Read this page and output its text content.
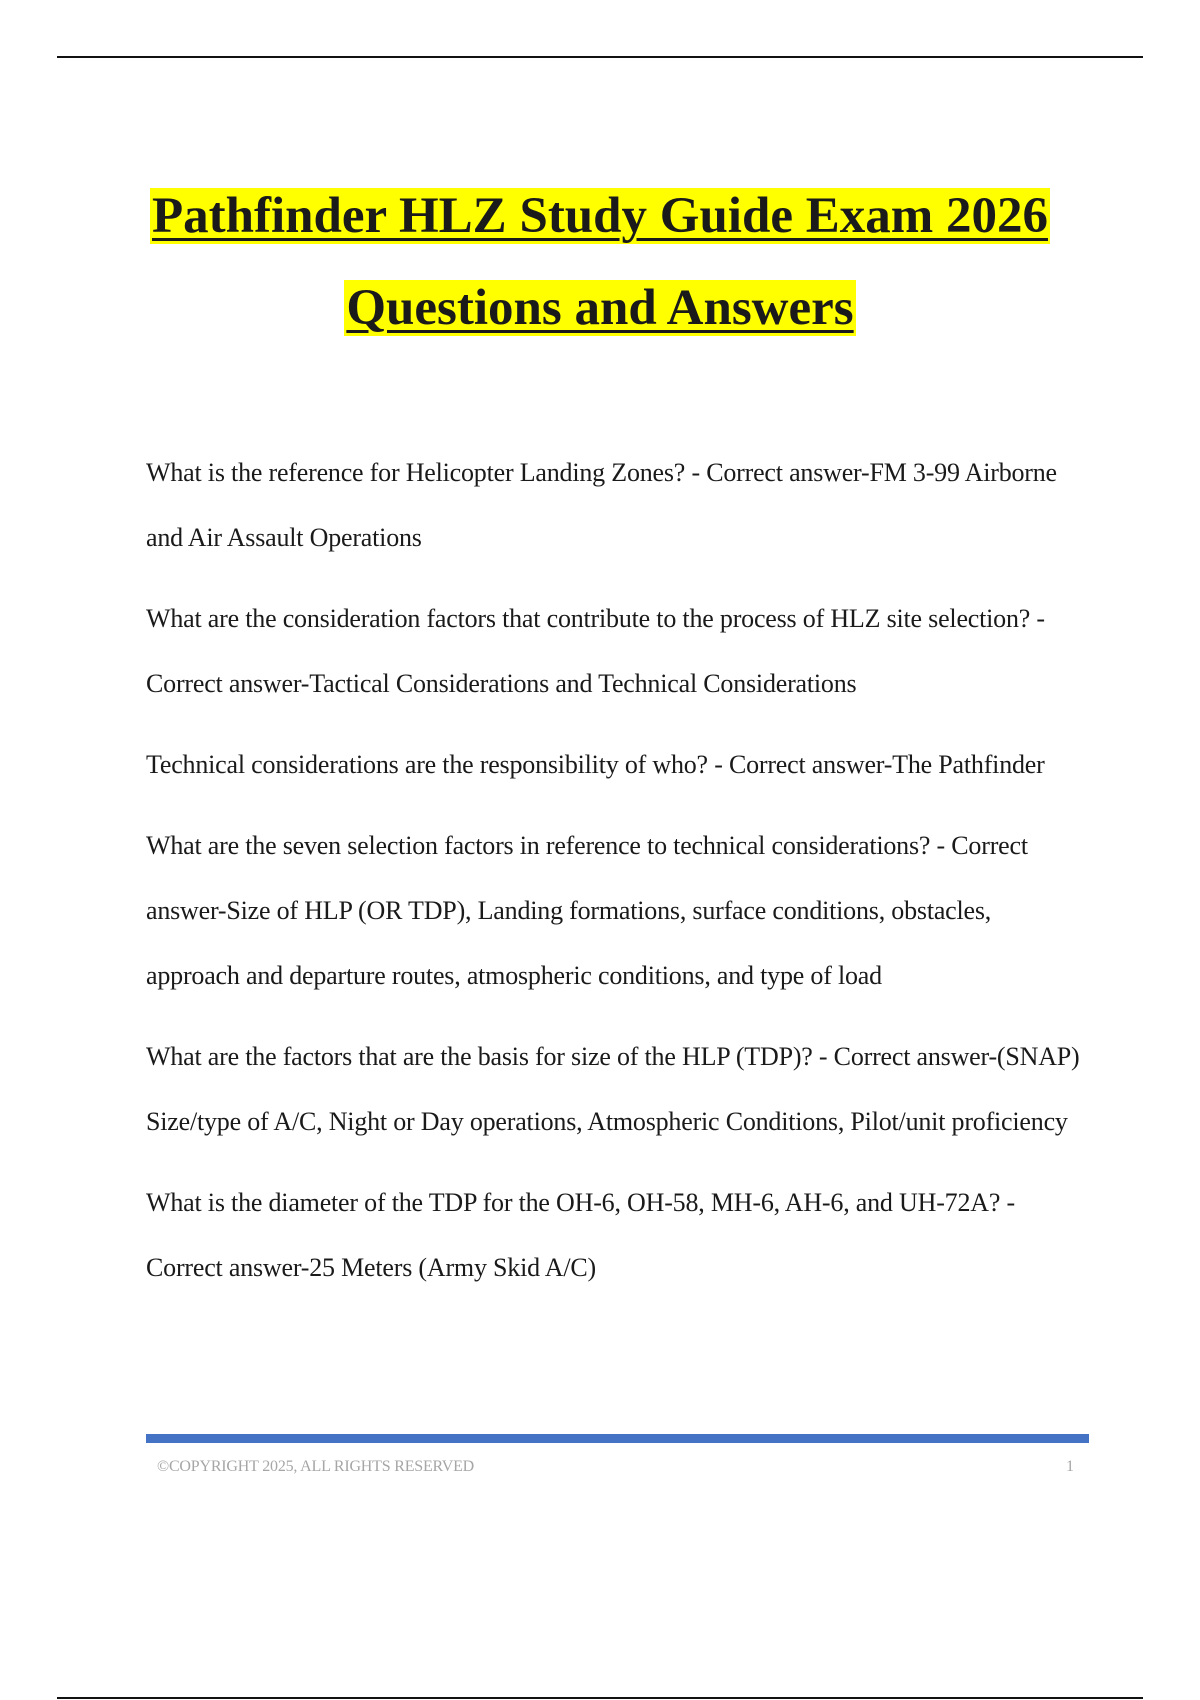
Pathfinder HLZ Study Guide Exam 2026
Questions and Answers

What is the reference for Helicopter Landing Zones? - Correct answer-FM 3-99 Airborne and Air Assault Operations

What are the consideration factors that contribute to the process of HLZ site selection? - Correct answer-Tactical Considerations and Technical Considerations

Technical considerations are the responsibility of who? - Correct answer-The Pathfinder

What are the seven selection factors in reference to technical considerations? - Correct answer-Size of HLP (OR TDP), Landing formations, surface conditions, obstacles, approach and departure routes, atmospheric conditions, and type of load

What are the factors that are the basis for size of the HLP (TDP)? - Correct answer-(SNAP) Size/type of A/C, Night or Day operations, Atmospheric Conditions, Pilot/unit proficiency

What is the diameter of the TDP for the OH-6, OH-58, MH-6, AH-6, and UH-72A? - Correct answer-25 Meters (Army Skid A/C)

©COPYRIGHT 2025, ALL RIGHTS RESERVED	1
